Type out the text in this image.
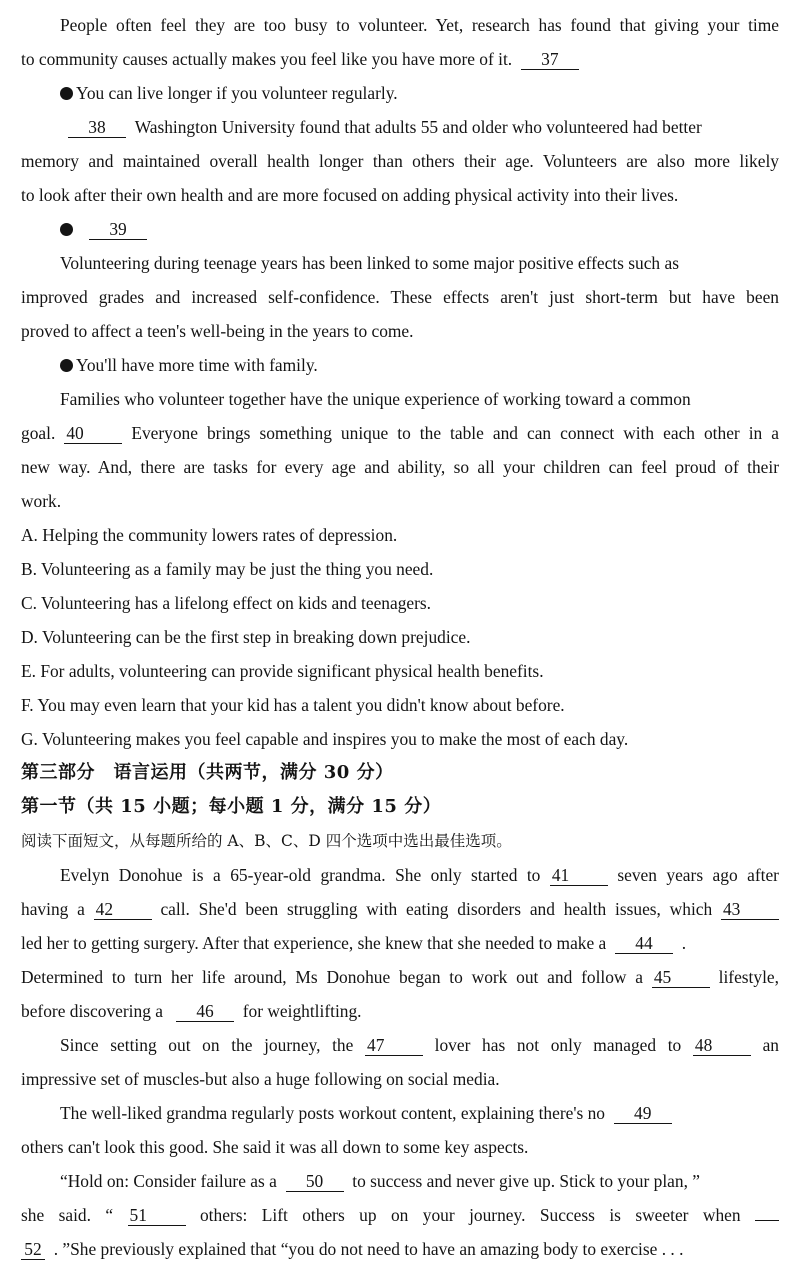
People often feel they are too busy to volunteer. Yet, research has found that giving your time
to community causes actually makes you feel like you have more of it. 37
You can live longer if you volunteer regularly.
38 Washington University found that adults 55 and older who volunteered had better
memory and maintained overall health longer than others their age. Volunteers are also more likely
to look after their own health and are more focused on adding physical activity into their lives.
39
Volunteering during teenage years has been linked to some major positive effects such as
improved grades and increased self-confidence. These effects aren't just short-term but have been
proved to affect a teen's well-being in the years to come.
You'll have more time with family.
Families who volunteer together have the unique experience of working toward a common
goal. 40	Everyone brings something unique to the table and can connect with each other in a
new way. And, there are tasks for every age and ability, so all your children can feel proud of their
work.
A. Helping the community lowers rates of depression.
B. Volunteering as a family may be just the thing you need.
C. Volunteering has a lifelong effect on kids and teenagers.
D. Volunteering can be the first step in breaking down prejudice.
E. For adults, volunteering can provide significant physical health benefits.
F. You may even learn that your kid has a talent you didn't know about before.
G. Volunteering makes you feel capable and inspires you to make the most of each day.
第三部分　语言运用（共两节，满分 30 分）
第一节（共 15 小题；每小题 1 分，满分 15 分）
阅读下面短文，从每题所给的 A、B、C、D 四个选项中选出最佳选项。
Evelyn Donohue is a 65-year-old grandma. She only started to 41	seven years ago after
having a 42	call. She'd been struggling with eating disorders and health issues, which 43
led her to getting surgery. After that experience, she knew that she needed to make a 44 .
Determined to turn her life around, Ms Donohue began to work out and follow a 45	lifestyle,
before discovering a 46 for weightlifting.
Since setting out on the journey, the 47	lover has not only managed to 48	an
impressive set of muscles-but also a huge following on social media.
The well-liked grandma regularly posts workout content, explaining there's no 49
others can't look this good. She said it was all down to some key aspects.
“Hold on: Consider failure as a 50 to success and never give up. Stick to your plan, ”
she said. “ 51	others: Lift others up on your journey. Success is sweeter when
52 . ”She previously explained that “you do not need to have an amazing body to exercise . . .
